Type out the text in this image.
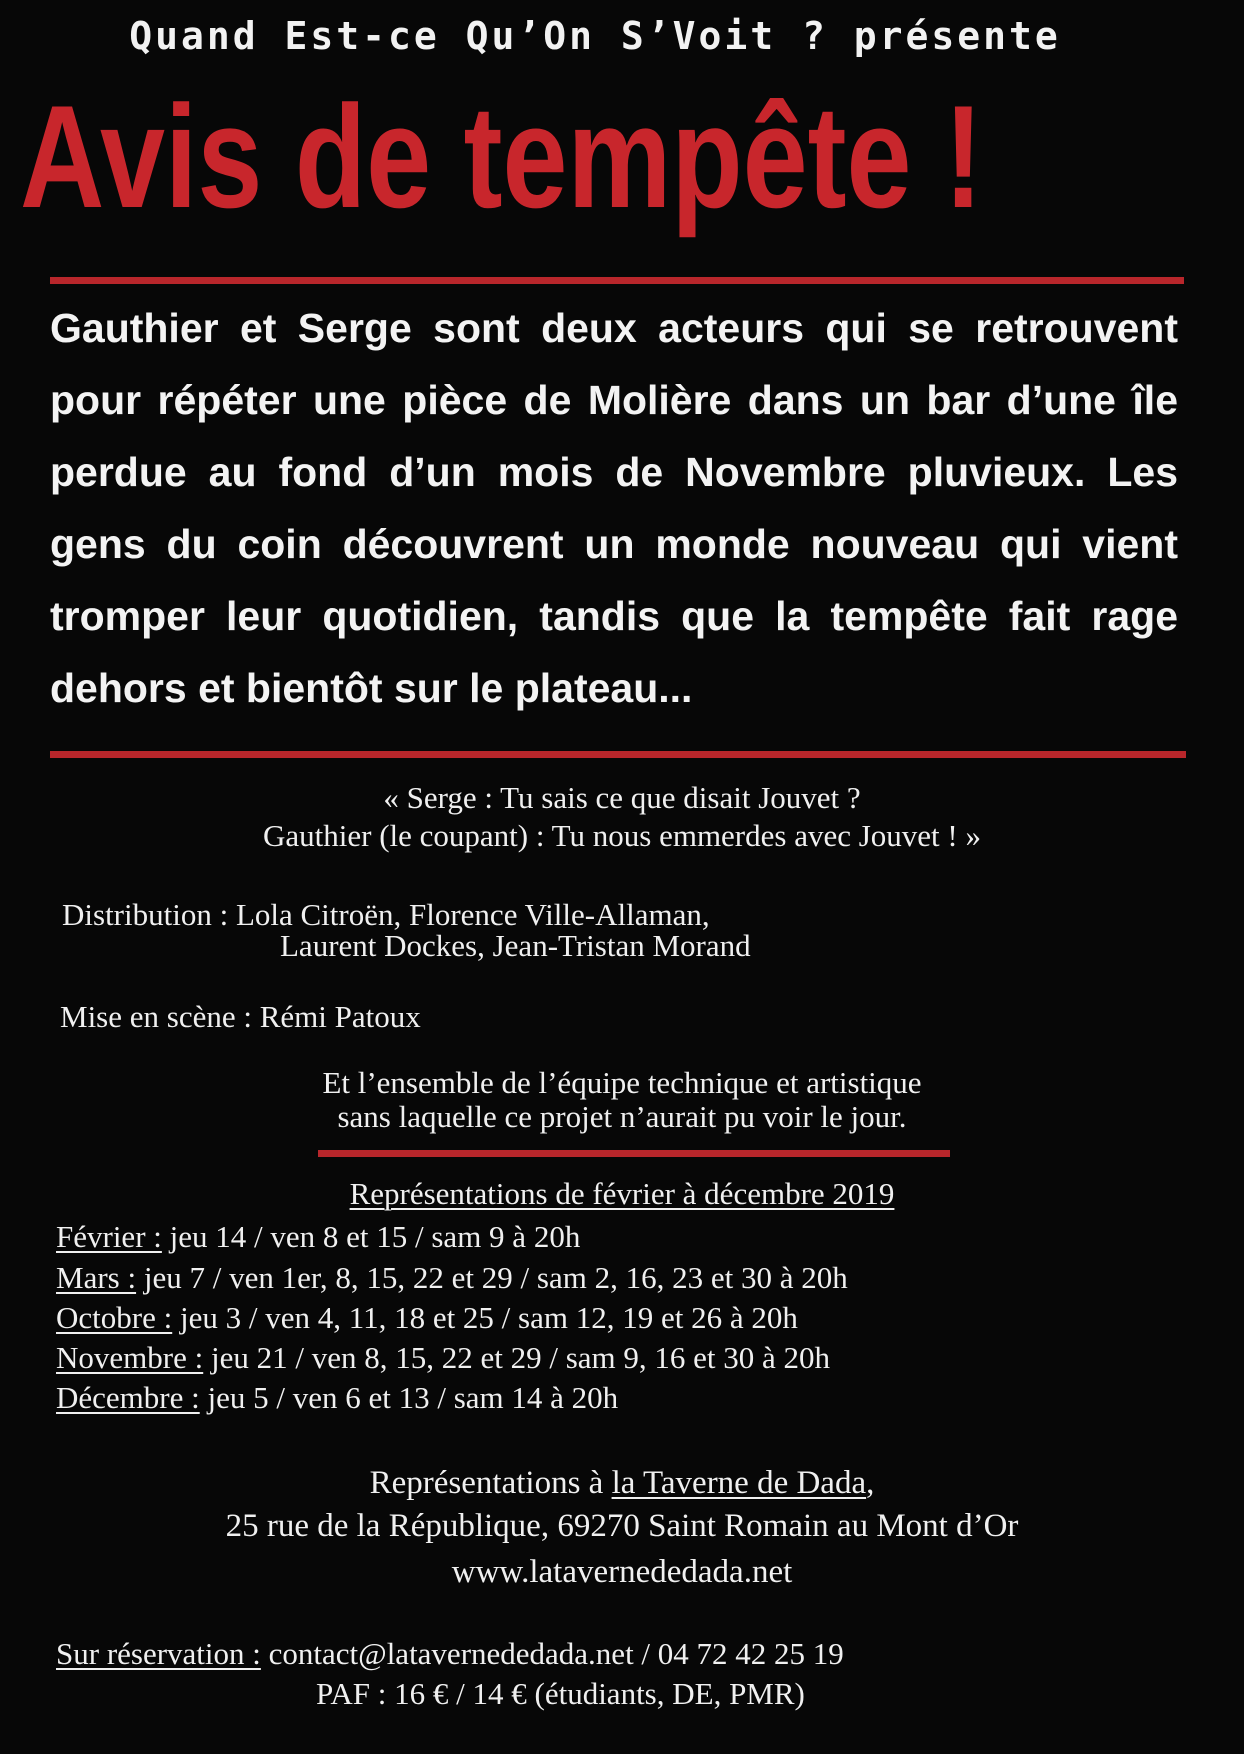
Quand Est-ce Qu’On S’Voit ? présente
Avis de tempête !
Gauthier et Serge sont deux acteurs qui se retrouvent
pour répéter une pièce de Molière dans un bar d’une île
perdue au fond d’un mois de Novembre pluvieux. Les
gens du coin découvrent un monde nouveau qui vient
tromper leur quotidien, tandis que la tempête fait rage
dehors et bientôt sur le plateau...
« Serge : Tu sais ce que disait Jouvet ?
Gauthier (le coupant) : Tu nous emmerdes avec Jouvet ! »
Distribution : Lola Citroën, Florence Ville-Allaman,
Laurent Dockes, Jean-Tristan Morand
Mise en scène : Rémi Patoux
Et l’ensemble de l’équipe technique et artistique
sans laquelle ce projet n’aurait pu voir le jour.
Représentations de février à décembre 2019
Février : jeu 14 / ven 8 et 15 / sam 9 à 20h
Mars : jeu 7 / ven 1er, 8, 15, 22 et 29 / sam 2, 16, 23 et 30 à 20h
Octobre : jeu 3 / ven 4, 11, 18 et 25 / sam 12, 19 et 26 à 20h
Novembre : jeu 21 / ven 8, 15, 22 et 29 / sam 9, 16 et 30 à 20h
Décembre : jeu 5 / ven 6 et 13 / sam 14 à 20h
Représentations à la Taverne de Dada,
25 rue de la République, 69270 Saint Romain au Mont d’Or
www.latavernededada.net
Sur réservation : contact@latavernededada.net / 04 72 42 25 19
PAF : 16 € / 14 € (étudiants, DE, PMR)
